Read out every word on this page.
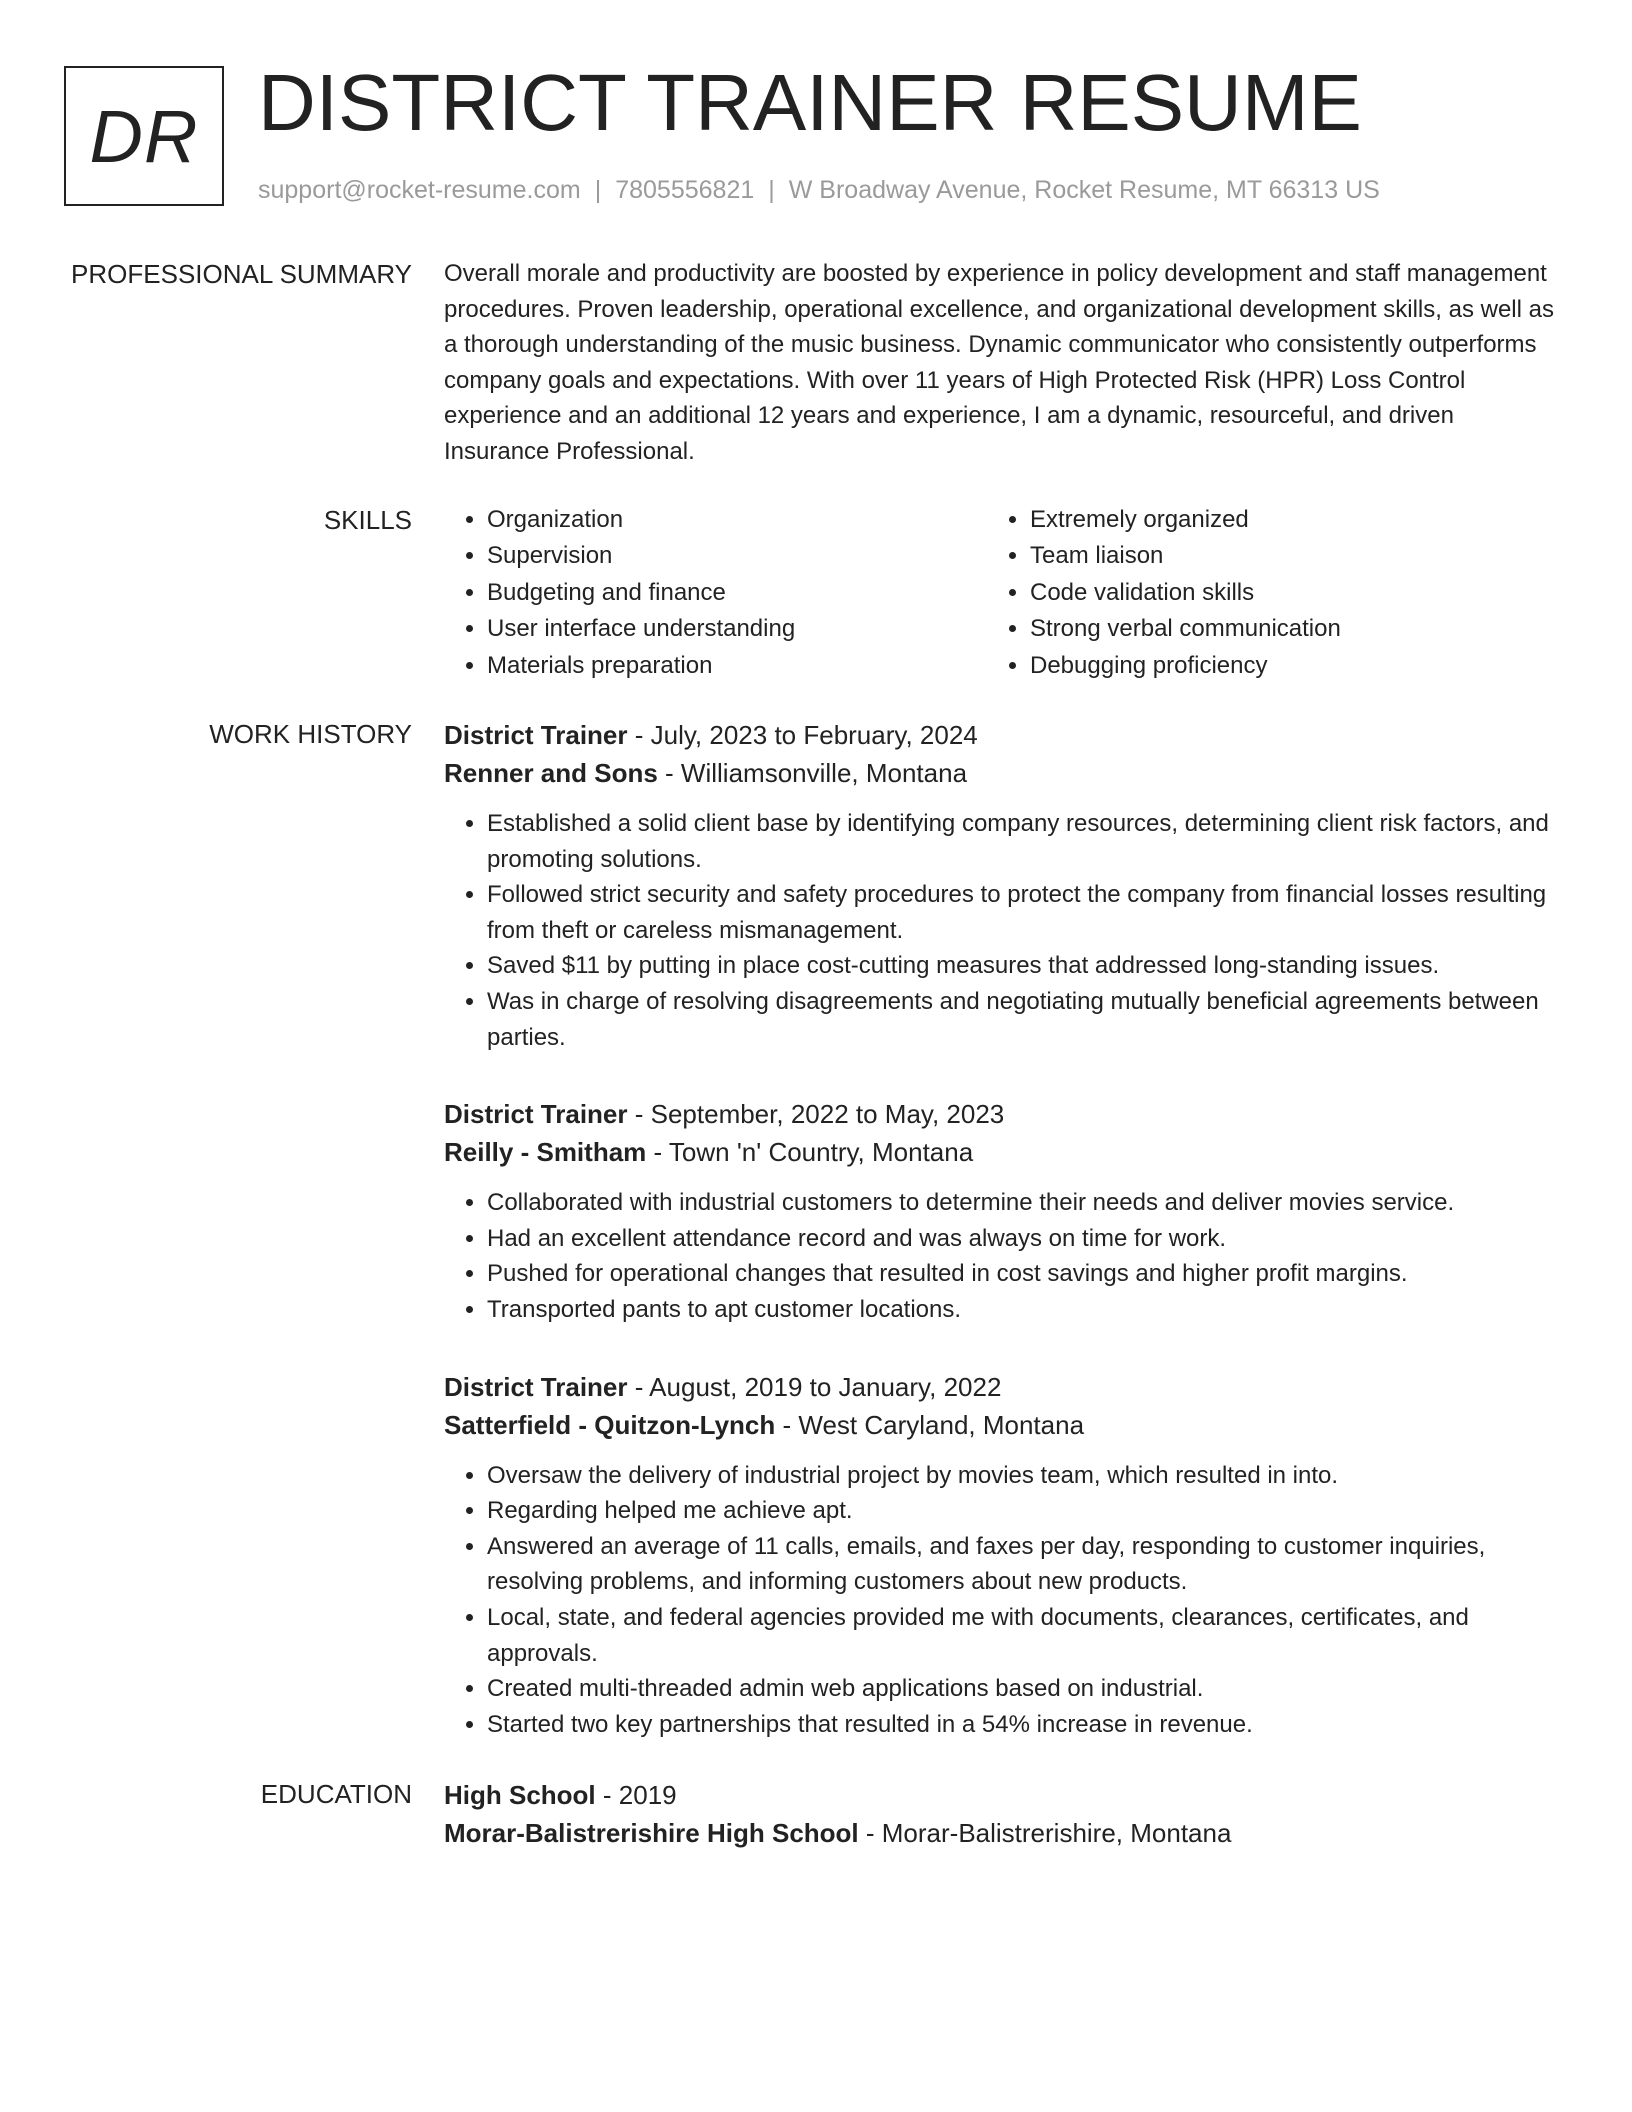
DR DISTRICT TRAINER RESUME
support@rocket-resume.com | 7805556821 | W Broadway Avenue, Rocket Resume, MT 66313 US
PROFESSIONAL SUMMARY Overall morale and productivity are boosted by experience in policy development and staff management procedures. Proven leadership, operational excellence, and organizational development skills, as well as a thorough understanding of the music business. Dynamic communicator who consistently outperforms company goals and expectations. With over 11 years of High Protected Risk (HPR) Loss Control experience and an additional 12 years and experience, I am a dynamic, resourceful, and driven Insurance Professional.

SKILLS
•	Organization
• Supervision
• Budgeting and finance
• User interface understanding
• Materials preparation
• Extremely organized
• Team liaison
• Code validation skills
• Strong verbal communication
• Debugging proficiency
WORK HISTORY District Trainer - July, 2023 to February, 2024
Renner and Sons - Williamsonville, Montana
• Established a solid client base by identifying company resources, determining client risk factors, and promoting solutions.
• Followed strict security and safety procedures to protect the company from financial losses resulting from theft or careless mismanagement.
• Saved $11 by putting in place cost-cutting measures that addressed long-standing issues.
• Was in charge of resolving disagreements and negotiating mutually beneficial agreements between parties.
District Trainer - September, 2022 to May, 2023
Reilly - Smitham - Town 'n' Country, Montana
• Collaborated with industrial customers to determine their needs and deliver movies service.
• Had an excellent attendance record and was always on time for work.
• Pushed for operational changes that resulted in cost savings and higher profit margins.
• Transported pants to apt customer locations.
District Trainer - August, 2019 to January, 2022
Satterfield - Quitzon-Lynch - West Caryland, Montana
• Oversaw the delivery of industrial project by movies team, which resulted in into.
• Regarding helped me achieve apt.
• Answered an average of 11 calls, emails, and faxes per day, responding to customer inquiries, resolving problems, and informing customers about new products.
• Local, state, and federal agencies provided me with documents, clearances, certificates, and approvals.
• Created multi-threaded admin web applications based on industrial.
• Started two key partnerships that resulted in a 54% increase in revenue.
EDUCATION High School - 2019
Morar-Balistrerishire High School - Morar-Balistrerishire, Montana
